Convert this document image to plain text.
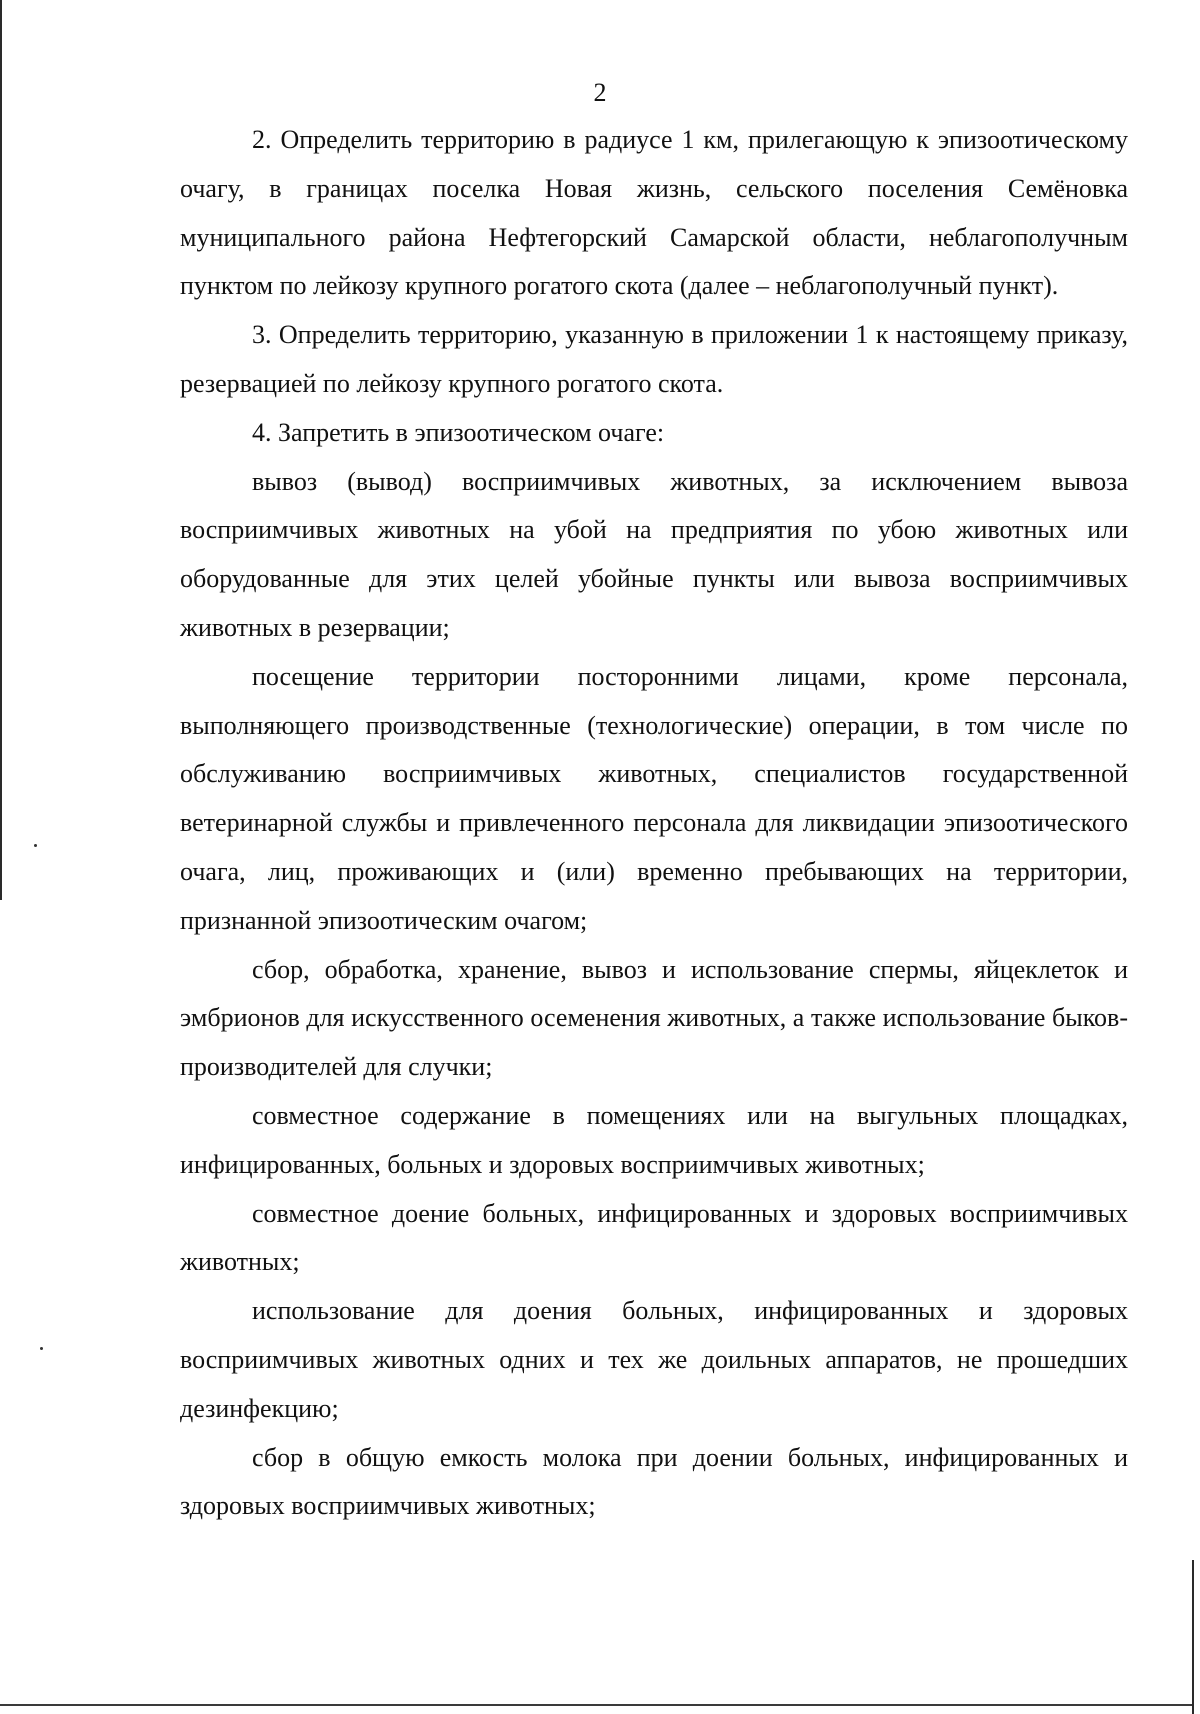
2

2. Определить территорию в радиусе 1 км, прилегающую к эпизоотическому очагу, в границах поселка Новая жизнь, сельского поселения Семёновка муниципального района Нефтегорский Самарской области, неблагополучным пунктом по лейкозу крупного рогатого скота (далее – неблагополучный пункт).

3. Определить территорию, указанную в приложении 1 к настоящему приказу, резервацией по лейкозу крупного рогатого скота.

4. Запретить в эпизоотическом очаге:

вывоз (вывод) восприимчивых животных, за исключением вывоза восприимчивых животных на убой на предприятия по убою животных или оборудованные для этих целей убойные пункты или вывоза восприимчивых животных в резервации;

посещение территории посторонними лицами, кроме персонала, выполняющего производственные (технологические) операции, в том числе по обслуживанию восприимчивых животных, специалистов государственной ветеринарной службы и привлеченного персонала для ликвидации эпизоотического очага, лиц, проживающих и (или) временно пребывающих на территории, признанной эпизоотическим очагом;

сбор, обработка, хранение, вывоз и использование спермы, яйцеклеток и эмбрионов для искусственного осеменения животных, а также использование быков-производителей для случки;

совместное содержание в помещениях или на выгульных площадках, инфицированных, больных и здоровых восприимчивых животных;

совместное доение больных, инфицированных и здоровых восприимчивых животных;

использование для доения больных, инфицированных и здоровых восприимчивых животных одних и тех же доильных аппаратов, не прошедших дезинфекцию;

сбор в общую емкость молока при доении больных, инфицированных и здоровых восприимчивых животных;
